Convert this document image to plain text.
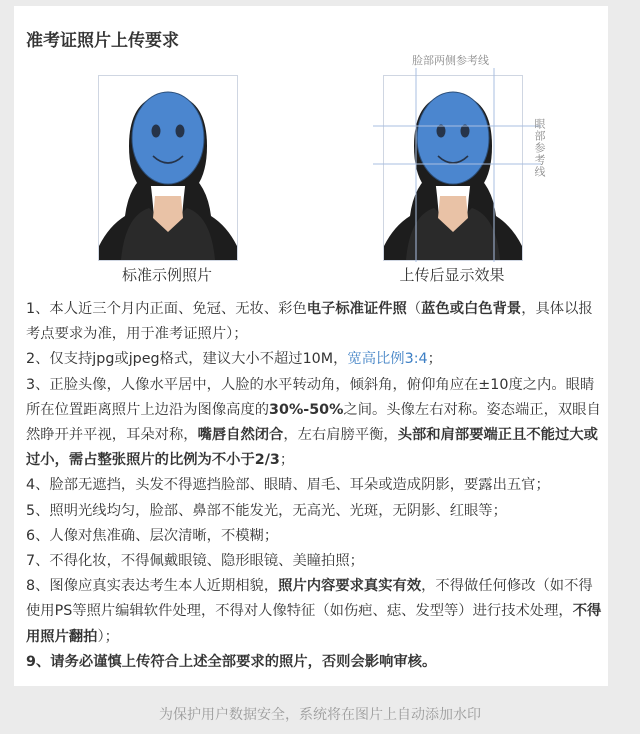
准考证照片上传要求
标准示例照片
脸部两侧参考线
眼部参考线
上传后显示效果

1、本人近三个月内正面、免冠、无妆、彩色电子标准证件照（蓝色或白色背景，具体以报考点要求为准，用于准考证照片）；

2、仅支持jpg或jpeg格式，建议大小不超过10M，宽高比例3:4；

3、正脸头像，人像水平居中，人脸的水平转动角，倾斜角，俯仰角应在±10度之内。眼睛所在位置距离照片上边沿为图像高度的30%-50%之间。头像左右对称。姿态端正，双眼自然睁开并平视，耳朵对称，嘴唇自然闭合，左右肩膀平衡，头部和肩部要端正且不能过大或过小，需占整张照片的比例为不小于2/3；

4、脸部无遮挡，头发不得遮挡脸部、眼睛、眉毛、耳朵或造成阴影，要露出五官；

5、照明光线均匀，脸部、鼻部不能发光，无高光、光斑，无阴影、红眼等；

6、人像对焦准确、层次清晰，不模糊；

7、不得化妆，不得佩戴眼镜、隐形眼镜、美瞳拍照；

8、图像应真实表达考生本人近期相貌，照片内容要求真实有效，不得做任何修改（如不得使用PS等照片编辑软件处理，不得对人像特征（如伤疤、痣、发型等）进行技术处理，不得用照片翻拍）；

9、请务必谨慎上传符合上述全部要求的照片，否则会影响审核。

为保护用户数据安全，系统将在图片上自动添加水印
